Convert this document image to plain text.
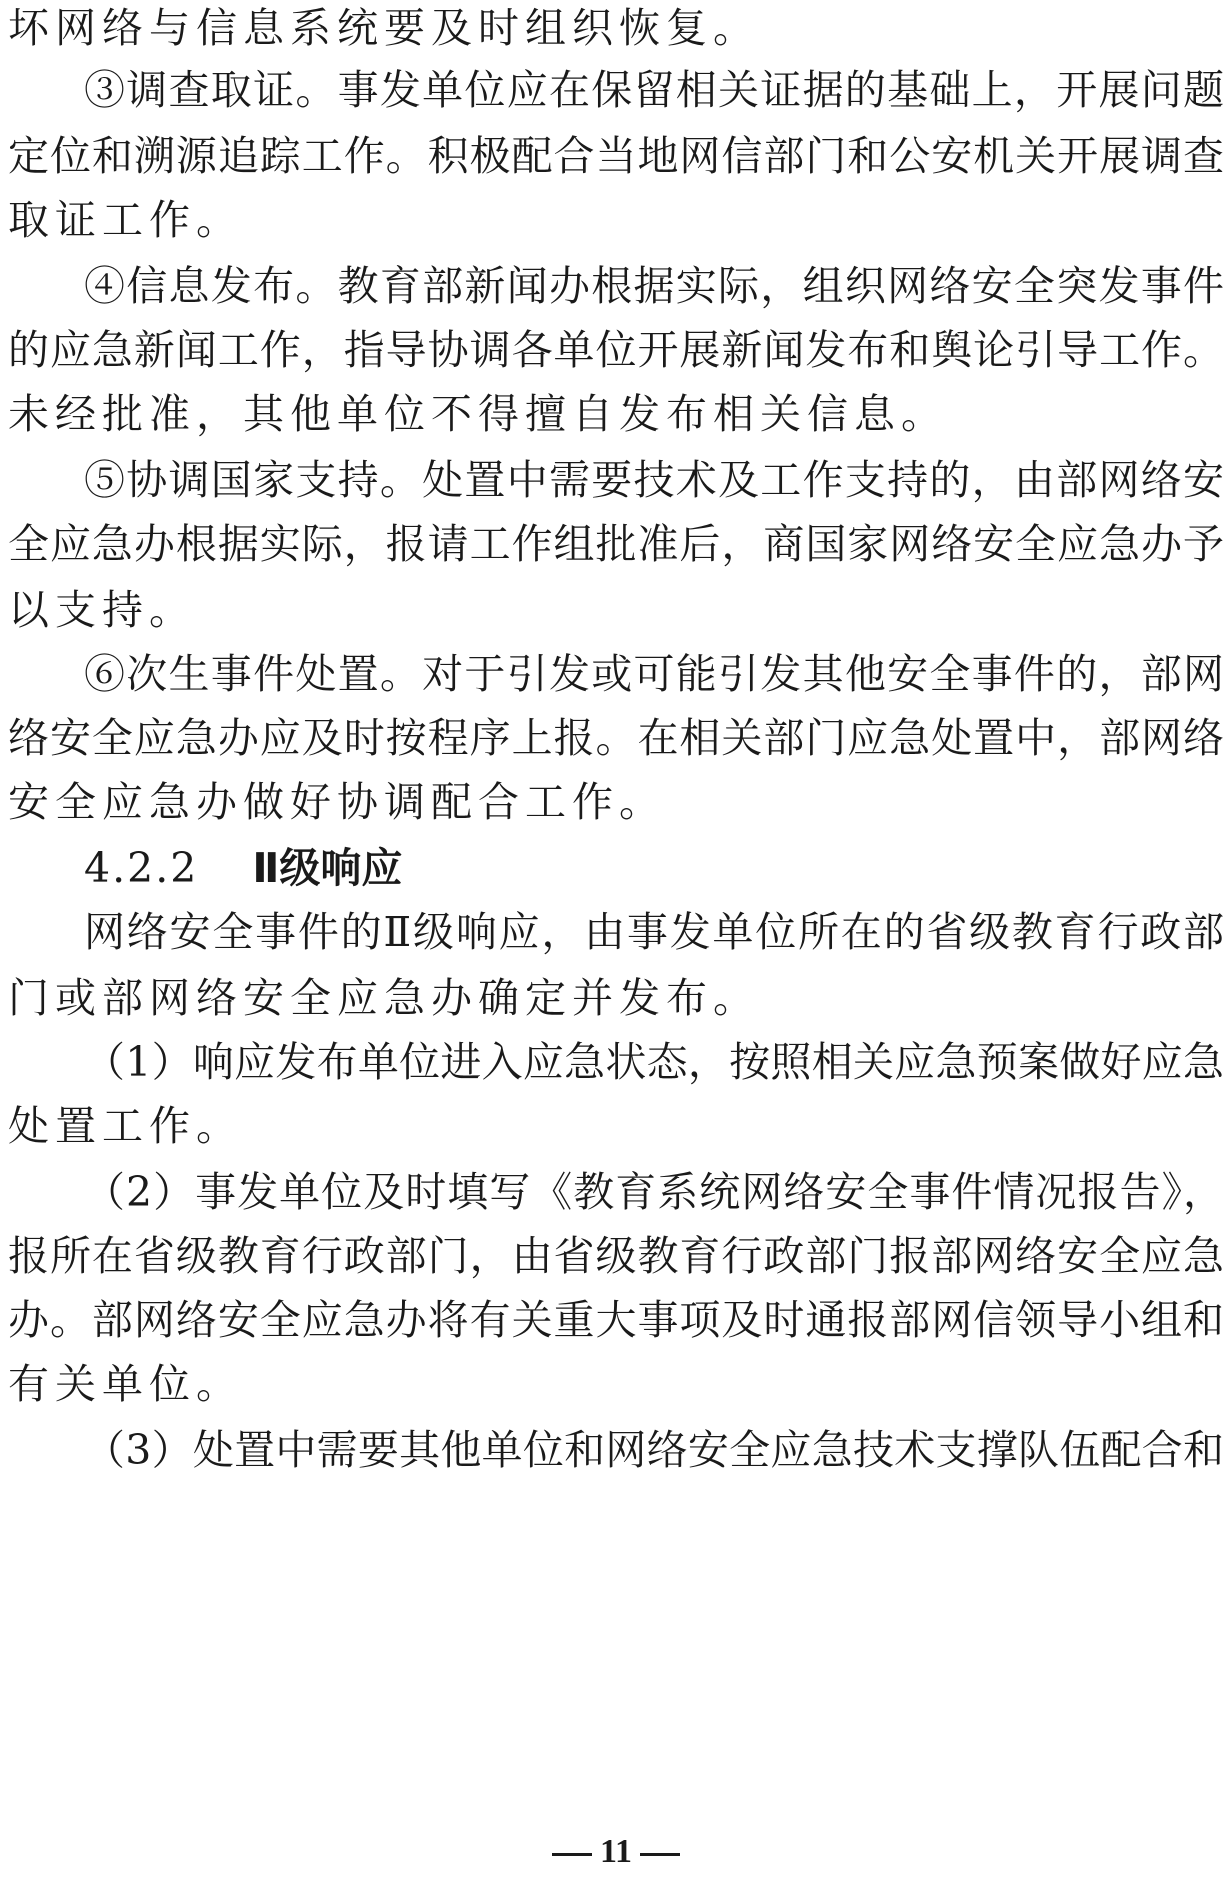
坏网络与信息系统要及时组织恢复。
③调查取证。事发单位应在保留相关证据的基础上，开展问题
定位和溯源追踪工作。积极配合当地网信部门和公安机关开展调查
取证工作。
④信息发布。教育部新闻办根据实际，组织网络安全突发事件
的应急新闻工作，指导协调各单位开展新闻发布和舆论引导工作。
未经批准，其他单位不得擅自发布相关信息。
⑤协调国家支持。处置中需要技术及工作支持的，由部网络安
全应急办根据实际，报请工作组批准后，商国家网络安全应急办予
以支持。
⑥次生事件处置。对于引发或可能引发其他安全事件的，部网
络安全应急办应及时按程序上报。在相关部门应急处置中，部网络
安全应急办做好协调配合工作。
4.2.2 Ⅱ级响应
网络安全事件的Ⅱ级响应，由事发单位所在的省级教育行政部
门或部网络安全应急办确定并发布。
（1）响应发布单位进入应急状态，按照相关应急预案做好应急
处置工作。
（2）事发单位及时填写《教育系统网络安全事件情况报告》，
报所在省级教育行政部门，由省级教育行政部门报部网络安全应急
办。部网络安全应急办将有关重大事项及时通报部网信领导小组和
有关单位。
（3）处置中需要其他单位和网络安全应急技术支撑队伍配合和
11
